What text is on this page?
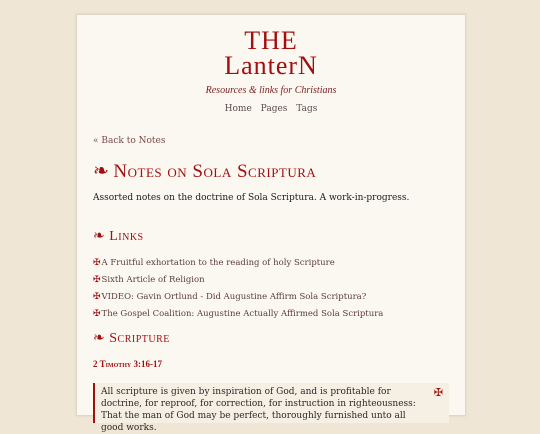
THE
LanterN
Resources & links for Christians
Home Pages Tags
« Back to Notes
❧ Notes on Sola Scriptura
Assorted notes on the doctrine of Sola Scriptura. A work-in-progress.
❧ Links
✠A Fruitful exhortation to the reading of holy Scripture
✠Sixth Article of Religion
✠VIDEO: Gavin Ortlund - Did Augustine Affirm Sola Scriptura?
✠The Gospel Coalition: Augustine Actually Affirmed Sola Scriptura
❧ Scripture
2 Timothy 3:16-17
✠

All scripture is given by inspiration of God, and is profitable for doctrine, for reproof, for correction, for instruction in righteousness: That the man of God may be perfect, thoroughly furnished unto all good works.
